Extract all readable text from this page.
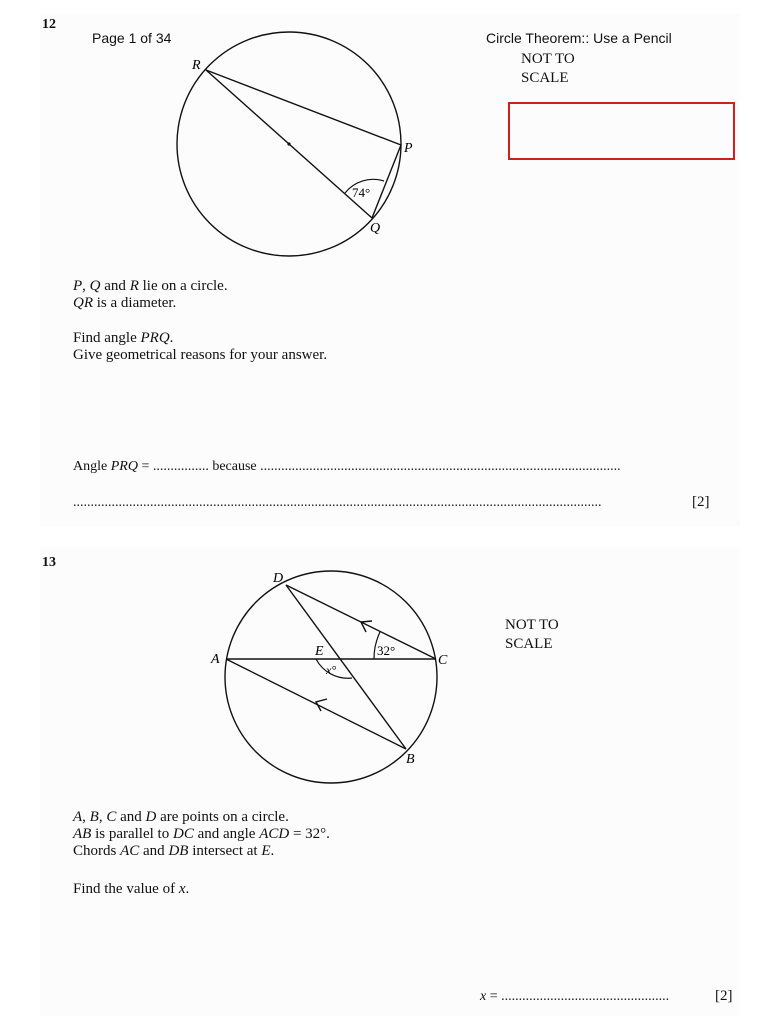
12
Page 1 of 34	Circle Theorem:: Use a Pencil
NOT TO
SCALE
R
P
Q
74°
P, Q and R lie on a circle.
QR is a diameter.
Find angle PRQ.
Give geometrical reasons for your answer.
Angle PRQ = ................ because .......................................................................................................
.......................................................................................................................................................	[2]
13
NOT TO
SCALE
D
A
E
C
B
32°
x°
A, B, C and D are points on a circle.
AB is parallel to DC and angle ACD = 32°.
Chords AC and DB intersect at E.
Find the value of x.
x = ................................................	[2]
